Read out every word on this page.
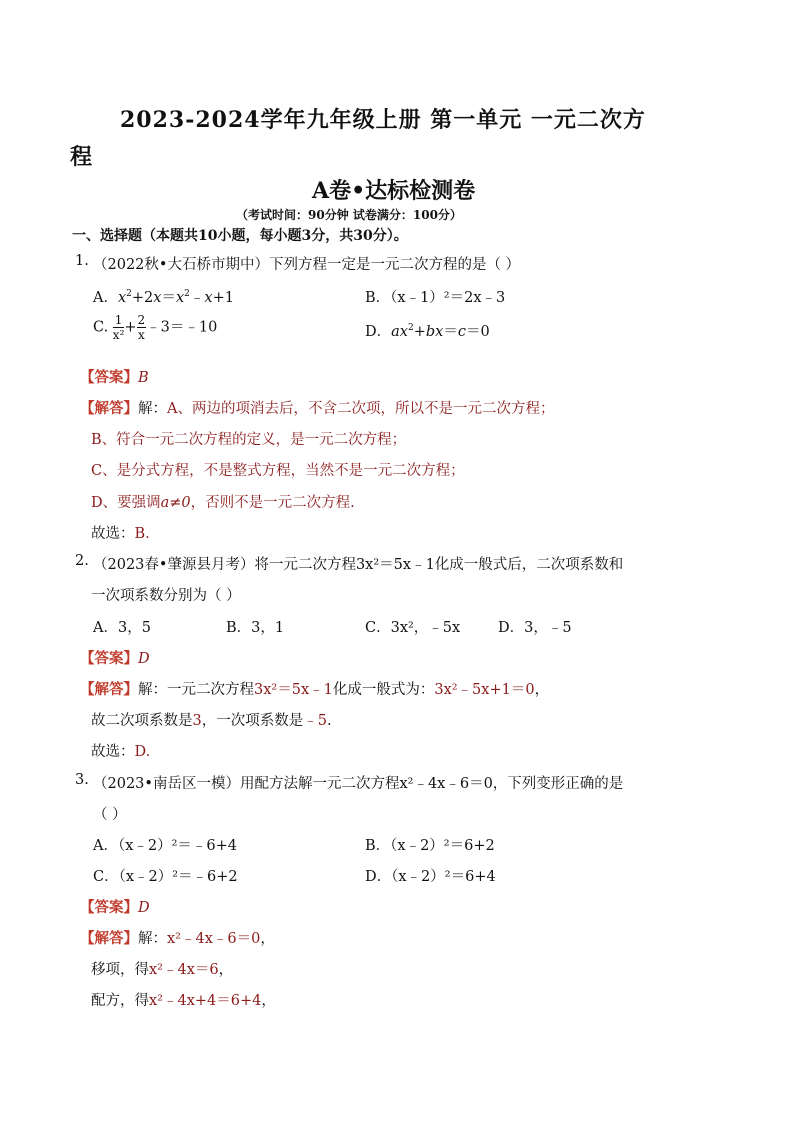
2023-2024学年九年级上册 第一单元 一元二次方
程
A卷•达标检测卷
（考试时间：90分钟 试卷满分：100分）
一、选择题（本题共10小题，每小题3分，共30分）。
1. （2022秋•大石桥市期中）下列方程一定是一元二次方程的是（ ）
A．$x^2+2x=x^2﹣x+1$	B．（x﹣1）²＝2x﹣3
C. $\frac{1}{\text{x²}} + \frac{2}{x}$ ﹣3＝﹣10	D．$ax^2+bx=c=0$
【答案】B
【解答】解：A、两边的项消去后，不含二次项，所以不是一元二次方程；
B、符合一元二次方程的定义，是一元二次方程；
C、是分式方程，不是整式方程，当然不是一元二次方程；
D、要强调a≠0，否则不是一元二次方程.
故选：B．
2. （2023春•肇源县月考）将一元二次方程3x²＝5x﹣1化成一般式后，二次项系数和
一次项系数分别为（ ）
A．3，5	B．3，1	C．3x²，﹣5x	D．3，﹣5
【答案】D
【解答】解：一元二次方程3x²＝5x﹣1化成一般式为：3x²﹣5x+1＝0，
故二次项系数是3，一次项系数是﹣5.
故选：D.
3. （2023•南岳区一模）用配方法解一元二次方程x²﹣4x﹣6＝0，下列变形正确的是
（ ）
A．（x﹣2）²＝﹣6+4	B．（x﹣2）²＝6+2
C．（x﹣2）²＝﹣6+2	D．（x﹣2）²＝6+4
【答案】D
【解答】解：x²﹣4x﹣6＝0，
移项，得x²﹣4x＝6，
配方，得x²﹣4x+4＝6+4，
